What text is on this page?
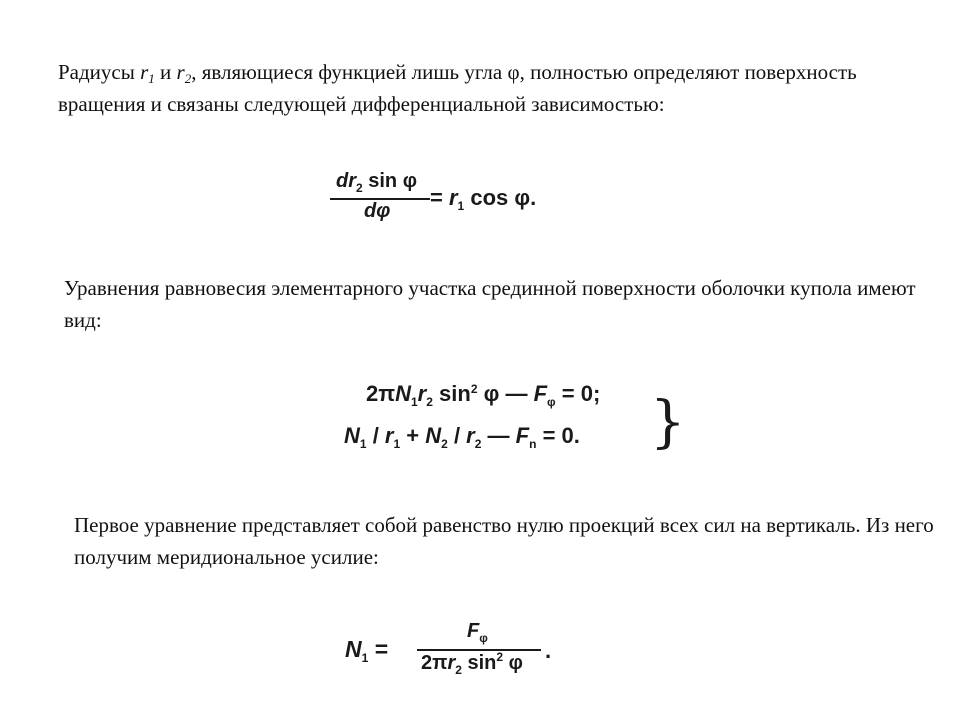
Радиусы $r_1$ и $r_2$, являющиеся функцией лишь угла φ, полностью определяют поверхность вращения и связаны следующей дифференциальной зависимостью:

$dr_2$ sin φ
dφ
= $r_1$ cos φ.

Уравнения равновесия элементарного участка срединной поверхности оболочки купола имеют вид:

$2\pi N_1r_2$ $\sin^2 \varphi$ — $F_\varphi = 0$;
$N_1 / r_1 + N_2 / r_2$ — $F_n = 0$. }

Первое уравнение представляет собой равенство нулю проекций всех сил на вертикаль. Из него получим меридиональное усилие:

$N_1$ =
$F_\varphi$
$2\pi r_2$ $\sin^2 \varphi$ .
